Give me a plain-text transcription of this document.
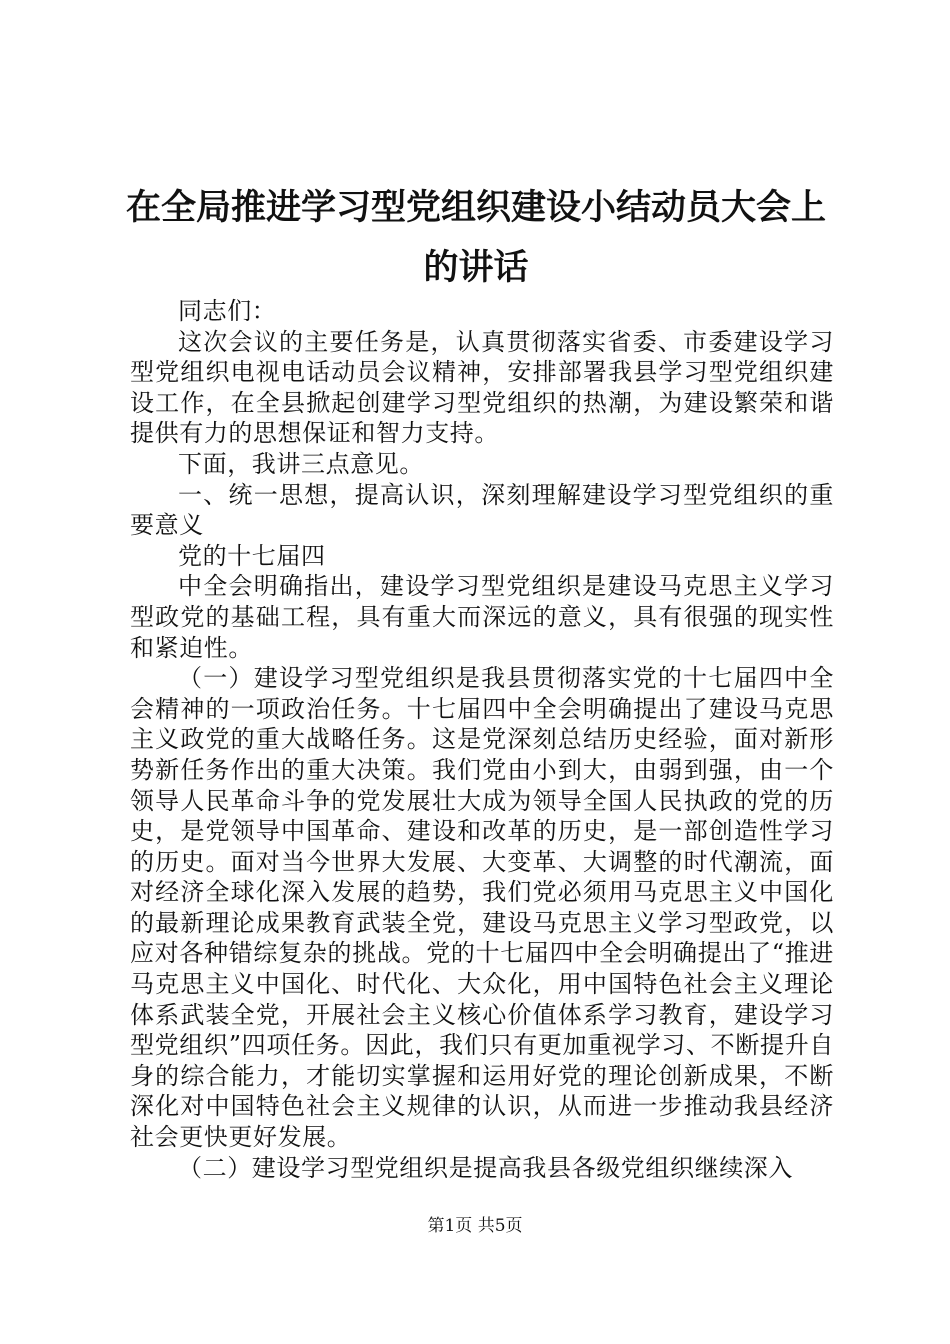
在全局推进学习型党组织建设小结动员大会上的讲话

同志们：

这次会议的主要任务是，认真贯彻落实省委、市委建设学习型党组织电视电话动员会议精神，安排部署我县学习型党组织建设工作，在全县掀起创建学习型党组织的热潮，为建设繁荣和谐提供有力的思想保证和智力支持。

下面，我讲三点意见。

一、统一思想，提高认识，深刻理解建设学习型党组织的重要意义

党的十七届四

中全会明确指出，建设学习型党组织是建设马克思主义学习型政党的基础工程，具有重大而深远的意义，具有很强的现实性和紧迫性。

（一）建设学习型党组织是我县贯彻落实党的十七届四中全会精神的一项政治任务。十七届四中全会明确提出了建设马克思主义政党的重大战略任务。这是党深刻总结历史经验，面对新形势新任务作出的重大决策。我们党由小到大，由弱到强，由一个领导人民革命斗争的党发展壮大成为领导全国人民执政的党的历史，是党领导中国革命、建设和改革的历史，是一部创造性学习的历史。面对当今世界大发展、大变革、大调整的时代潮流，面对经济全球化深入发展的趋势，我们党必须用马克思主义中国化的最新理论成果教育武装全党，建设马克思主义学习型政党，以应对各种错综复杂的挑战。党的十七届四中全会明确提出了“推进马克思主义中国化、时代化、大众化，用中国特色社会主义理论体系武装全党，开展社会主义核心价值体系学习教育，建设学习型党组织”四项任务。因此，我们只有更加重视学习、不断提升自身的综合能力，才能切实掌握和运用好党的理论创新成果，不断深化对中国特色社会主义规律的认识，从而进一步推动我县经济社会更快更好发展。

（二）建设学习型党组织是提高我县各级党组织继续深入

第1页 共5页
